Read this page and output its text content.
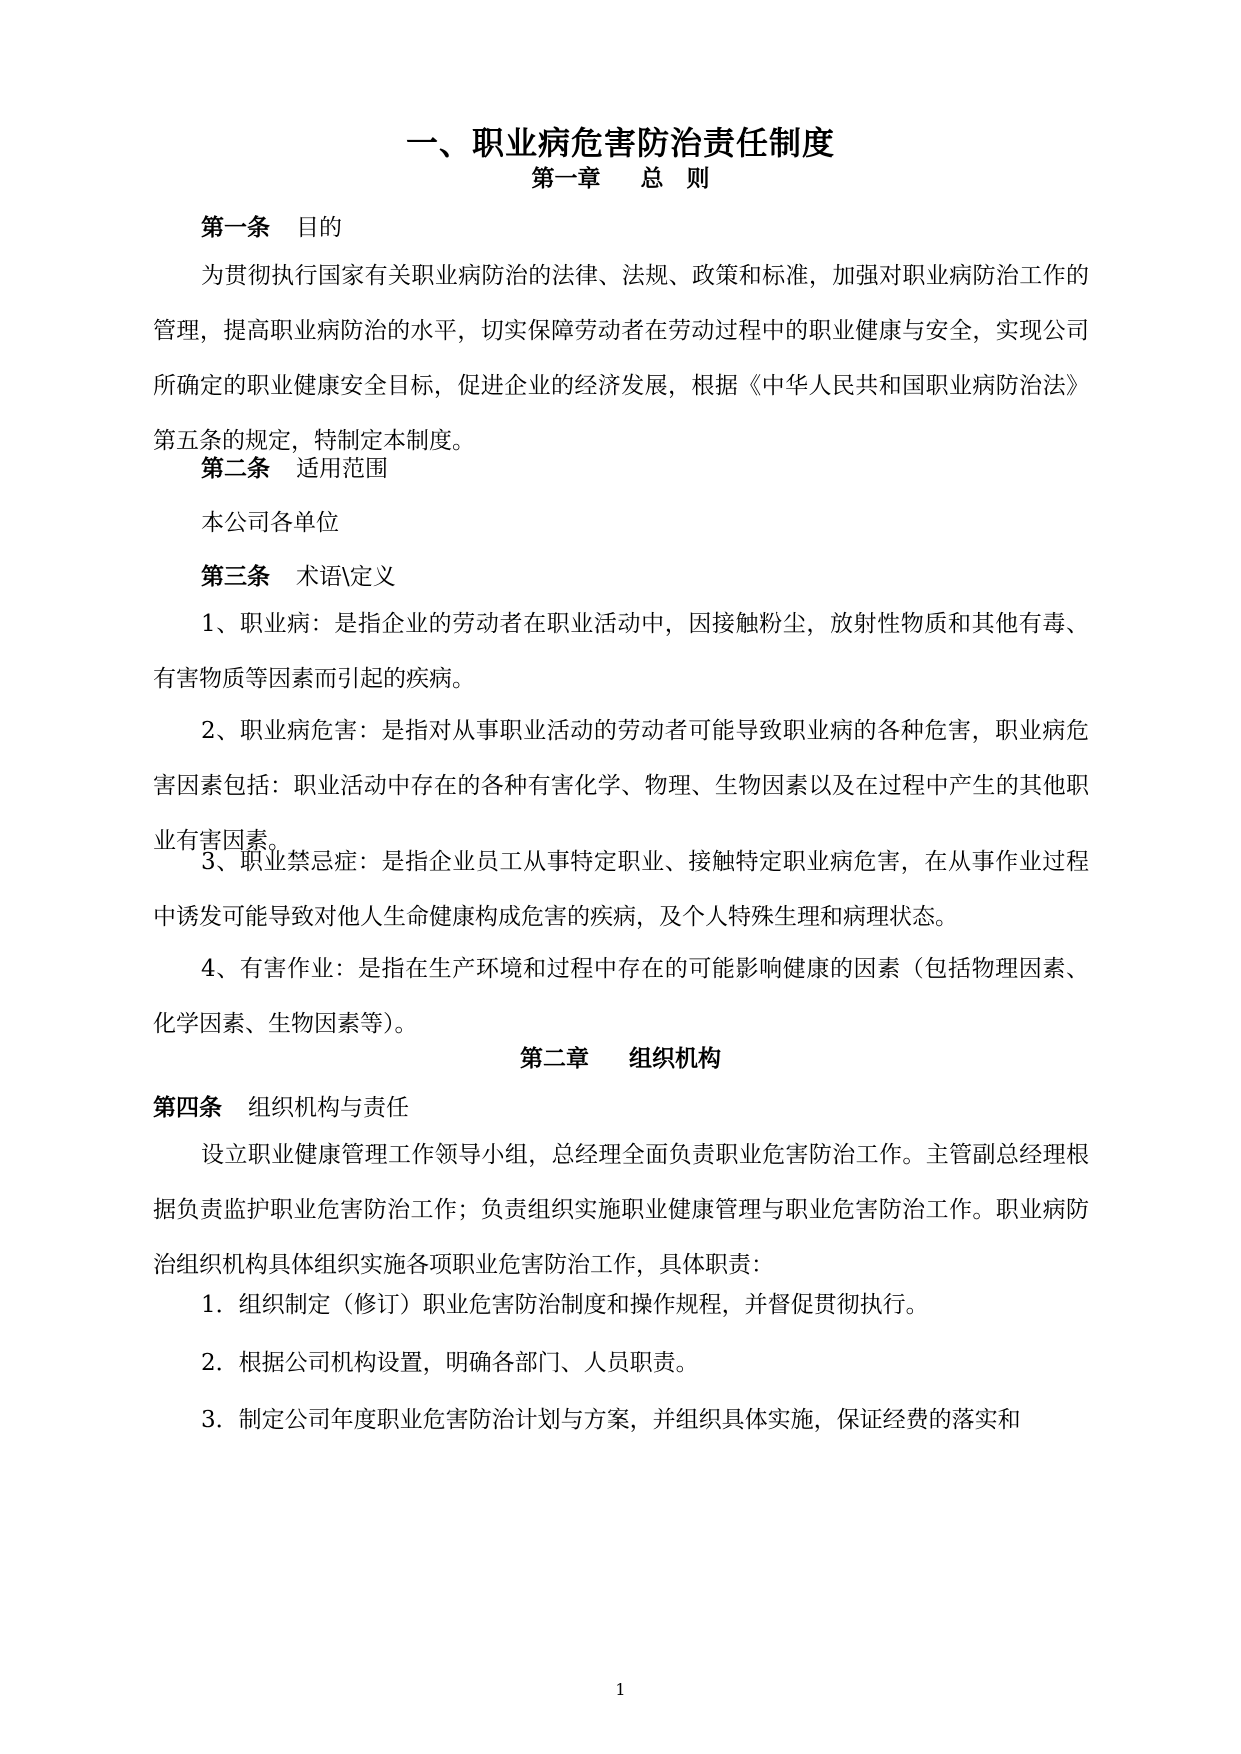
一、职业病危害防治责任制度
第一章 总　则
第一条 目的

为贯彻执行国家有关职业病防治的法律、法规、政策和标准，加强对职业病防治工作的管理，提高职业病防治的水平，切实保障劳动者在劳动过程中的职业健康与安全，实现公司所确定的职业健康安全目标，促进企业的经济发展，根据《中华人民共和国职业病防治法》第五条的规定，特制定本制度。

第二条 适用范围
本公司各单位
第三条 术语\定义

1、职业病：是指企业的劳动者在职业活动中，因接触粉尘，放射性物质和其他有毒、有害物质等因素而引起的疾病。

2、职业病危害：是指对从事职业活动的劳动者可能导致职业病的各种危害，职业病危害因素包括：职业活动中存在的各种有害化学、物理、生物因素以及在过程中产生的其他职业有害因素。

3、职业禁忌症：是指企业员工从事特定职业、接触特定职业病危害，在从事作业过程中诱发可能导致对他人生命健康构成危害的疾病，及个人特殊生理和病理状态。

4、有害作业：是指在生产环境和过程中存在的可能影响健康的因素（包括物理因素、化学因素、生物因素等）。

第二章 组织机构
第四条 组织机构与责任

设立职业健康管理工作领导小组，总经理全面负责职业危害防治工作。主管副总经理根据负责监护职业危害防治工作；负责组织实施职业健康管理与职业危害防治工作。职业病防治组织机构具体组织实施各项职业危害防治工作，具体职责：

1．组织制定（修订）职业危害防治制度和操作规程，并督促贯彻执行。
2．根据公司机构设置，明确各部门、人员职责。
3．制定公司年度职业危害防治计划与方案，并组织具体实施，保证经费的落实和
1
